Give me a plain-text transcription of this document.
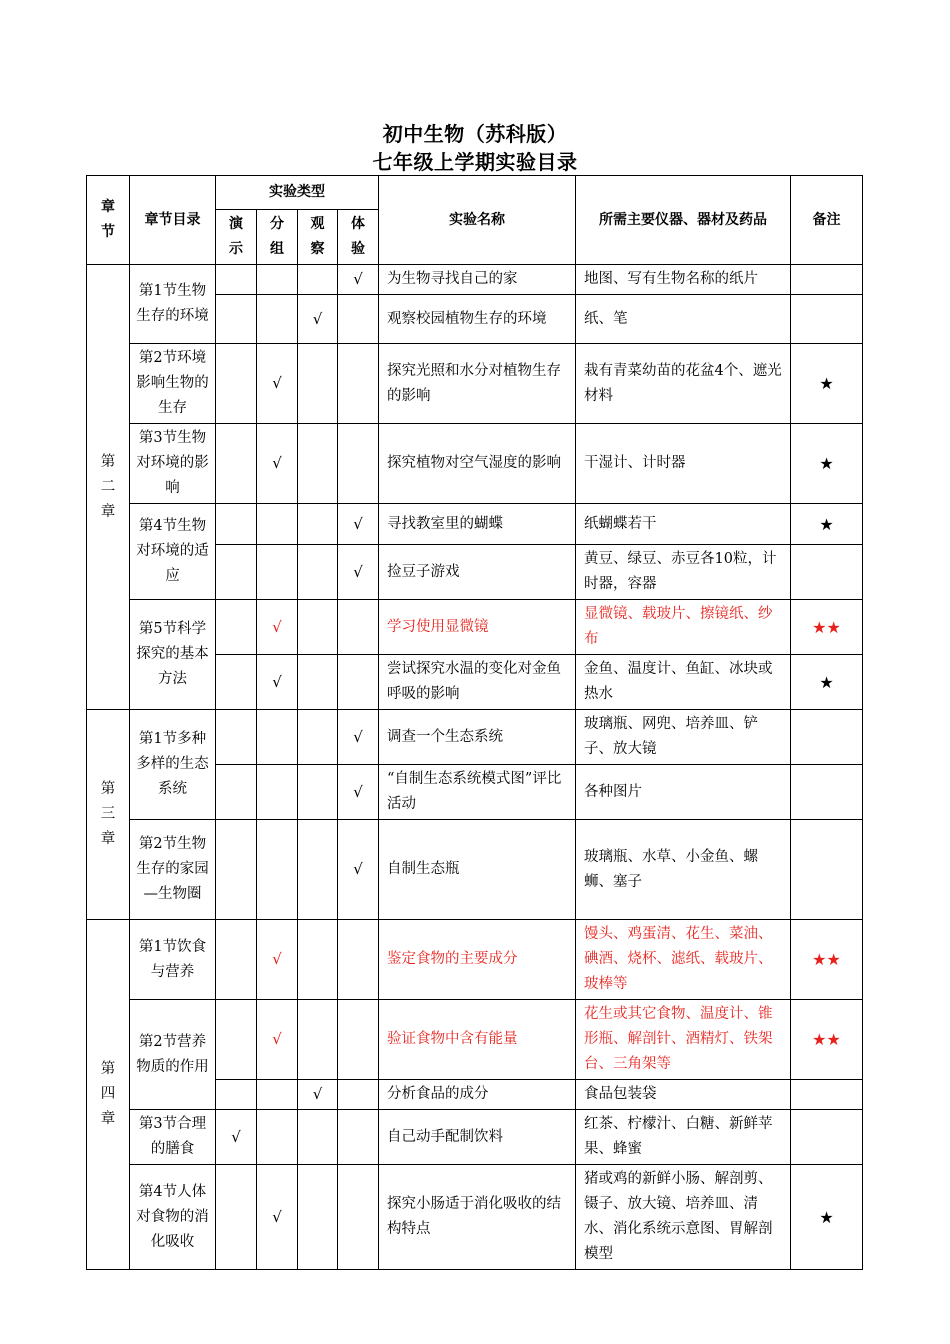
初中生物（苏科版）
七年级上学期实验目录
章节	章节目录	实验类型				实验名称	所需主要仪器、器材及药品	备注
		演示	分组	观察	体验			
第二章	第1节生物生存的环境				√	为生物寻找自己的家	地图、写有生物名称的纸片	
				√		观察校园植物生存的环境	纸、笔	
	第2节环境影响生物的生存		√			探究光照和水分对植物生存的影响	栽有青菜幼苗的花盆4个、遮光材料	★
	第3节生物对环境的影响		√			探究植物对空气湿度的影响	干湿计、计时器	★
	第4节生物对环境的适应				√	寻找教室里的蝴蝶	纸蝴蝶若干	★
					√	捡豆子游戏	黄豆、绿豆、赤豆各10粒，计时器，容器	
	第5节科学探究的基本方法		√			学习使用显微镜	显微镜、载玻片、擦镜纸、纱布	★★
			√			尝试探究水温的变化对金鱼呼吸的影响	金鱼、温度计、鱼缸、冰块或热水	★
第三章	第1节多种多样的生态系统				√	调查一个生态系统	玻璃瓶、网兜、培养皿、铲子、放大镜	
					√	“自制生态系统模式图”评比活动	各种图片	
	第2节生物生存的家园—生物圈				√	自制生态瓶	玻璃瓶、水草、小金鱼、螺蛳、塞子	
第四章	第1节饮食与营养		√			鉴定食物的主要成分	馒头、鸡蛋清、花生、菜油、碘酒、烧杯、滤纸、载玻片、玻棒等	★★
	第2节营养物质的作用		√			验证食物中含有能量	花生或其它食物、温度计、锥形瓶、解剖针、酒精灯、铁架台、三角架等	★★
				√		分析食品的成分	食品包装袋	
	第3节合理的膳食	√				自己动手配制饮料	红茶、柠檬汁、白糖、新鲜苹果、蜂蜜	
	第4节人体对食物的消化吸收		√			探究小肠适于消化吸收的结构特点	猪或鸡的新鲜小肠、解剖剪、镊子、放大镜、培养皿、清水、消化系统示意图、胃解剖模型	★
